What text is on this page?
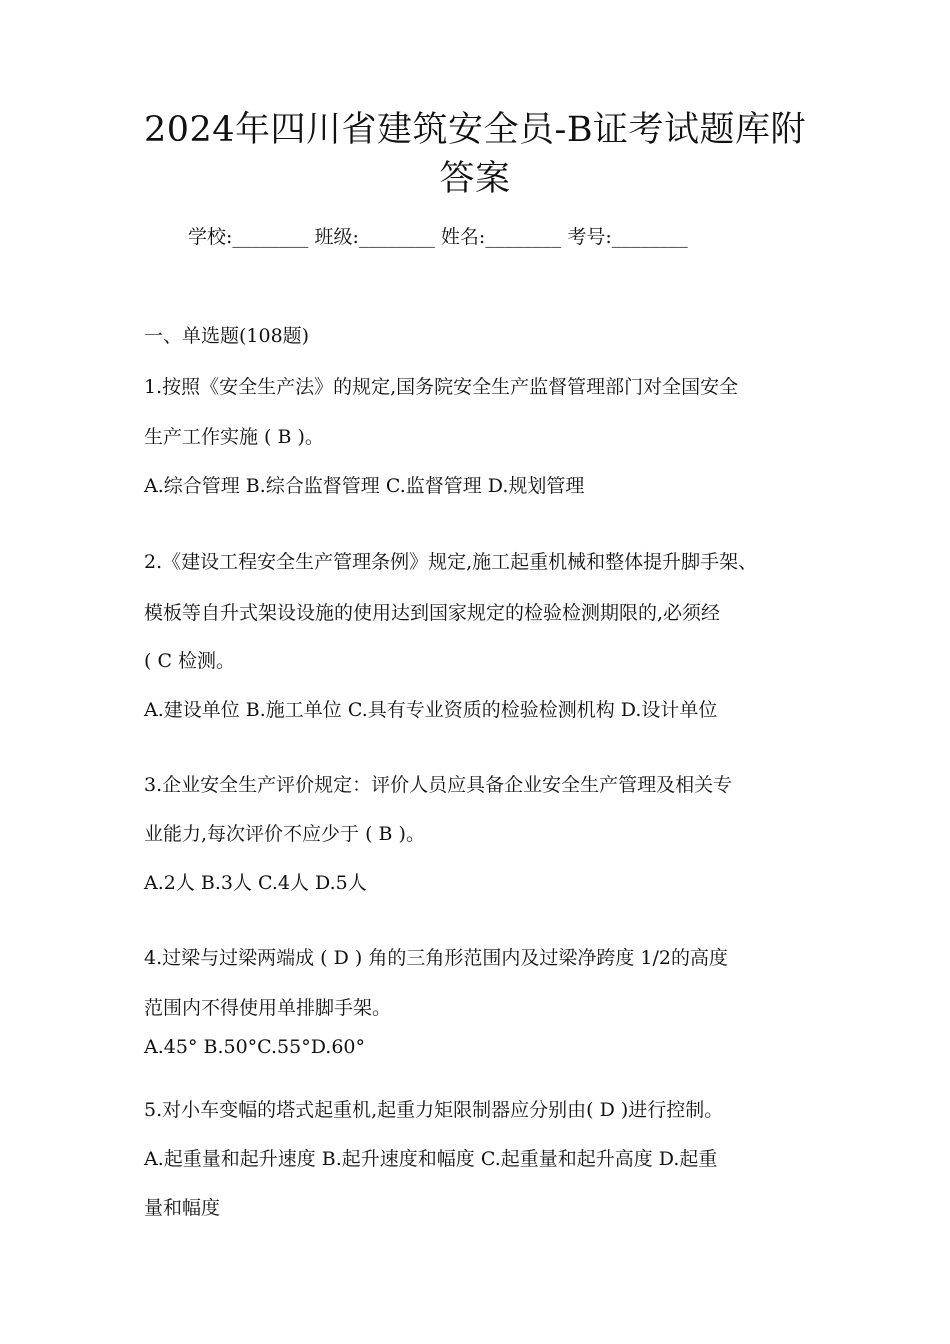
2024年四川省建筑安全员-B证考试题库附
答案
学校:________ 班级:________ 姓名:________ 考号:________
一、单选题(108题)
1.按照《安全生产法》的规定,国务院安全生产监督管理部门对全国安全
生产工作实施 ( B )。
A.综合管理 B.综合监督管理 C.监督管理 D.规划管理
2.《建设工程安全生产管理条例》规定,施工起重机械和整体提升脚手架、
模板等自升式架设设施的使用达到国家规定的检验检测期限的,必须经
( C 检测。
A.建设单位 B.施工单位 C.具有专业资质的检验检测机构 D.设计单位
3.企业安全生产评价规定：评价人员应具备企业安全生产管理及相关专
业能力,每次评价不应少于 ( B )。
A.2人 B.3人 C.4人 D.5人
4.过梁与过梁两端成 ( D ) 角的三角形范围内及过梁净跨度 1/2的高度
范围内不得使用单排脚手架。
A.45° B.50°C.55°D.60°
5.对小车变幅的塔式起重机,起重力矩限制器应分别由( D )进行控制。
A.起重量和起升速度 B.起升速度和幅度 C.起重量和起升高度 D.起重
量和幅度
